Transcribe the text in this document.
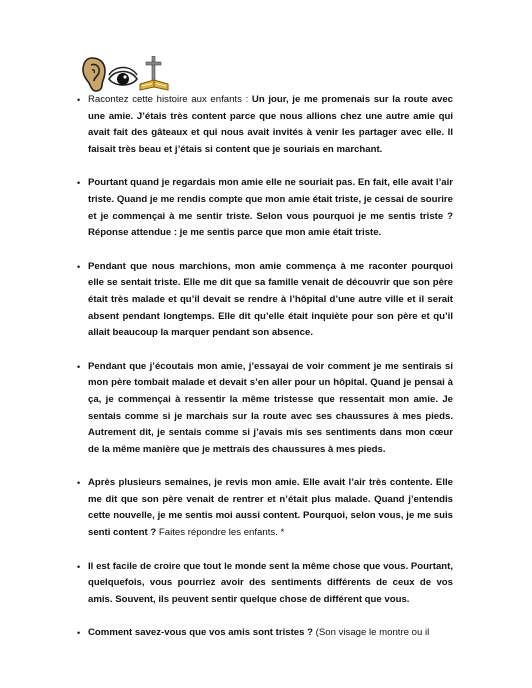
• Racontez cette histoire aux enfants : Un jour, je me promenais sur la route avec une amie. J’étais très content parce que nous allions chez une autre amie qui avait fait des gâteaux et qui nous avait invités à venir les partager avec elle. Il faisait très beau et j’étais si content que je souriais en marchant.

• Pourtant quand je regardais mon amie elle ne souriait pas. En fait, elle avait l’air triste. Quand je me rendis compte que mon amie était triste, je cessai de sourire et je commençai à me sentir triste. Selon vous pourquoi je me sentis triste ? Réponse attendue : je me sentis parce que mon amie était triste.

• Pendant que nous marchions, mon amie commença à me raconter pourquoi elle se sentait triste. Elle me dit que sa famille venait de découvrir que son père était très malade et qu’il devait se rendre à l’hôpital d’une autre ville et il serait absent pendant longtemps. Elle dit qu’elle était inquiète pour son père et qu’il allait beaucoup la marquer pendant son absence.

• Pendant que j’écoutais mon amie, j’essayai de voir comment je me sentirais si mon père tombait malade et devait s’en aller pour un hôpital. Quand je pensai à ça, je commençai à ressentir la même tristesse que ressentait mon amie. Je sentais comme si je marchais sur la route avec ses chaussures à mes pieds. Autrement dit, je sentais comme si j’avais mis ses sentiments dans mon cœur de la même manière que je mettrais des chaussures à mes pieds.

• Après plusieurs semaines, je revis mon amie. Elle avait l’air très contente. Elle me dit que son père venait de rentrer et n’était plus malade. Quand j’entendis cette nouvelle, je me sentis moi aussi content. Pourquoi, selon vous, je me suis senti content ? Faites répondre les enfants. *

• Il est facile de croire que tout le monde sent la même chose que vous. Pourtant, quelquefois, vous pourriez avoir des sentiments différents de ceux de vos amis. Souvent, ils peuvent sentir quelque chose de différent que vous.

• Comment savez-vous que vos amis sont tristes ? (Son visage le montre ou il
